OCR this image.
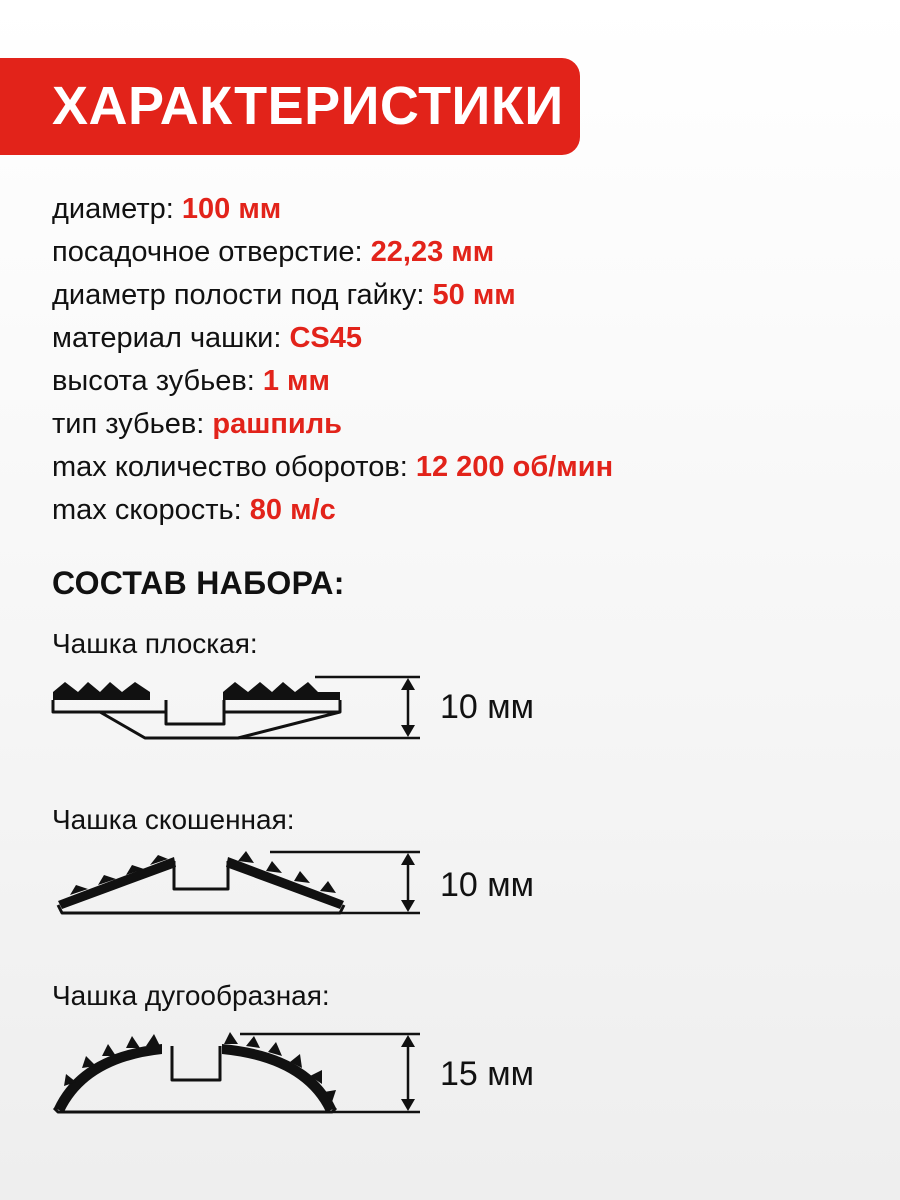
ХАРАКТЕРИСТИКИ
диаметр: 100 мм
посадочное отверстие: 22,23 мм
диаметр полости под гайку: 50 мм
материал чашки: CS45
высота зубьев: 1 мм
тип зубьев: рашпиль
max количество оборотов: 12 200 об/мин
max скорость: 80 м/с
СОСТАВ НАБОРА:

Чашка плоская:

10 мм

Чашка скошенная:

10 мм

Чашка дугообразная:

15 мм
